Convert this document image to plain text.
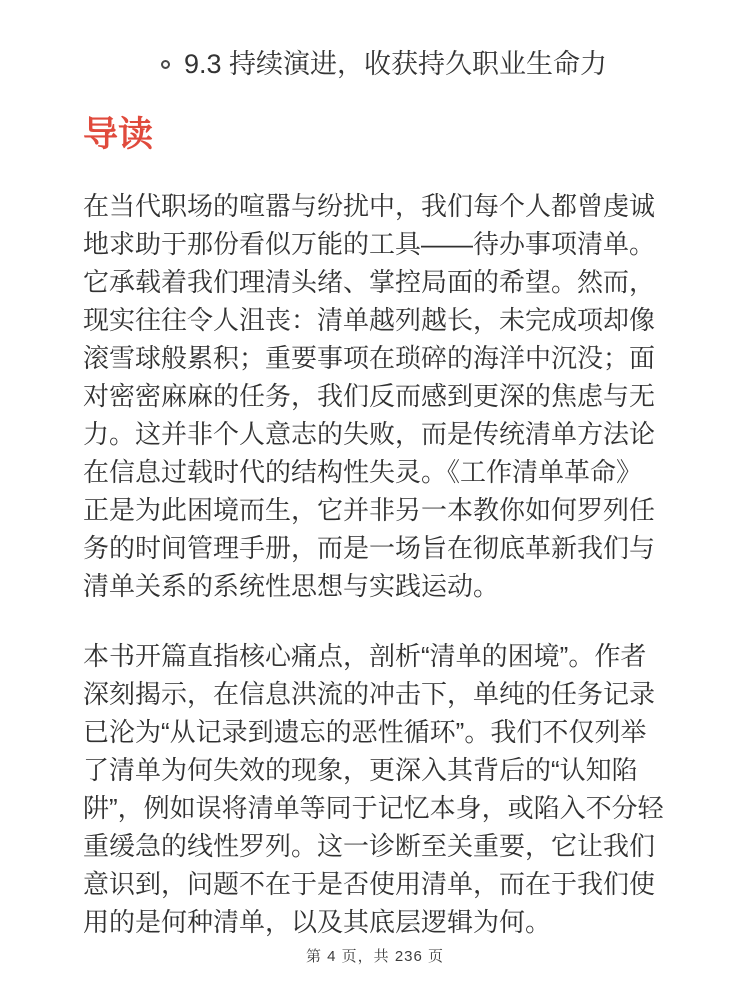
9.3 持续演进，收获持久职业生命力
导读

在当代职场的喧嚣与纷扰中，我们每个人都曾虔诚地求助于那份看似万能的工具——待办事项清单。它承载着我们理清头绪、掌控局面的希望。然而，现实往往令人沮丧：清单越列越长，未完成项却像滚雪球般累积；重要事项在琐碎的海洋中沉没；面对密密麻麻的任务，我们反而感到更深的焦虑与无力。这并非个人意志的失败，而是传统清单方法论在信息过载时代的结构性失灵。《工作清单革命》正是为此困境而生，它并非另一本教你如何罗列任务的时间管理手册，而是一场旨在彻底革新我们与清单关系的系统性思想与实践运动。

本书开篇直指核心痛点，剖析“清单的困境”。作者深刻揭示，在信息洪流的冲击下，单纯的任务记录已沦为“从记录到遗忘的恶性循环”。我们不仅列举了清单为何失效的现象，更深入其背后的“认知陷阱”，例如误将清单等同于记忆本身，或陷入不分轻重缓急的线性罗列。这一诊断至关重要，它让我们意识到，问题不在于是否使用清单，而在于我们使用的是何种清单，以及其底层逻辑为何。

第 4 页，共 236 页
